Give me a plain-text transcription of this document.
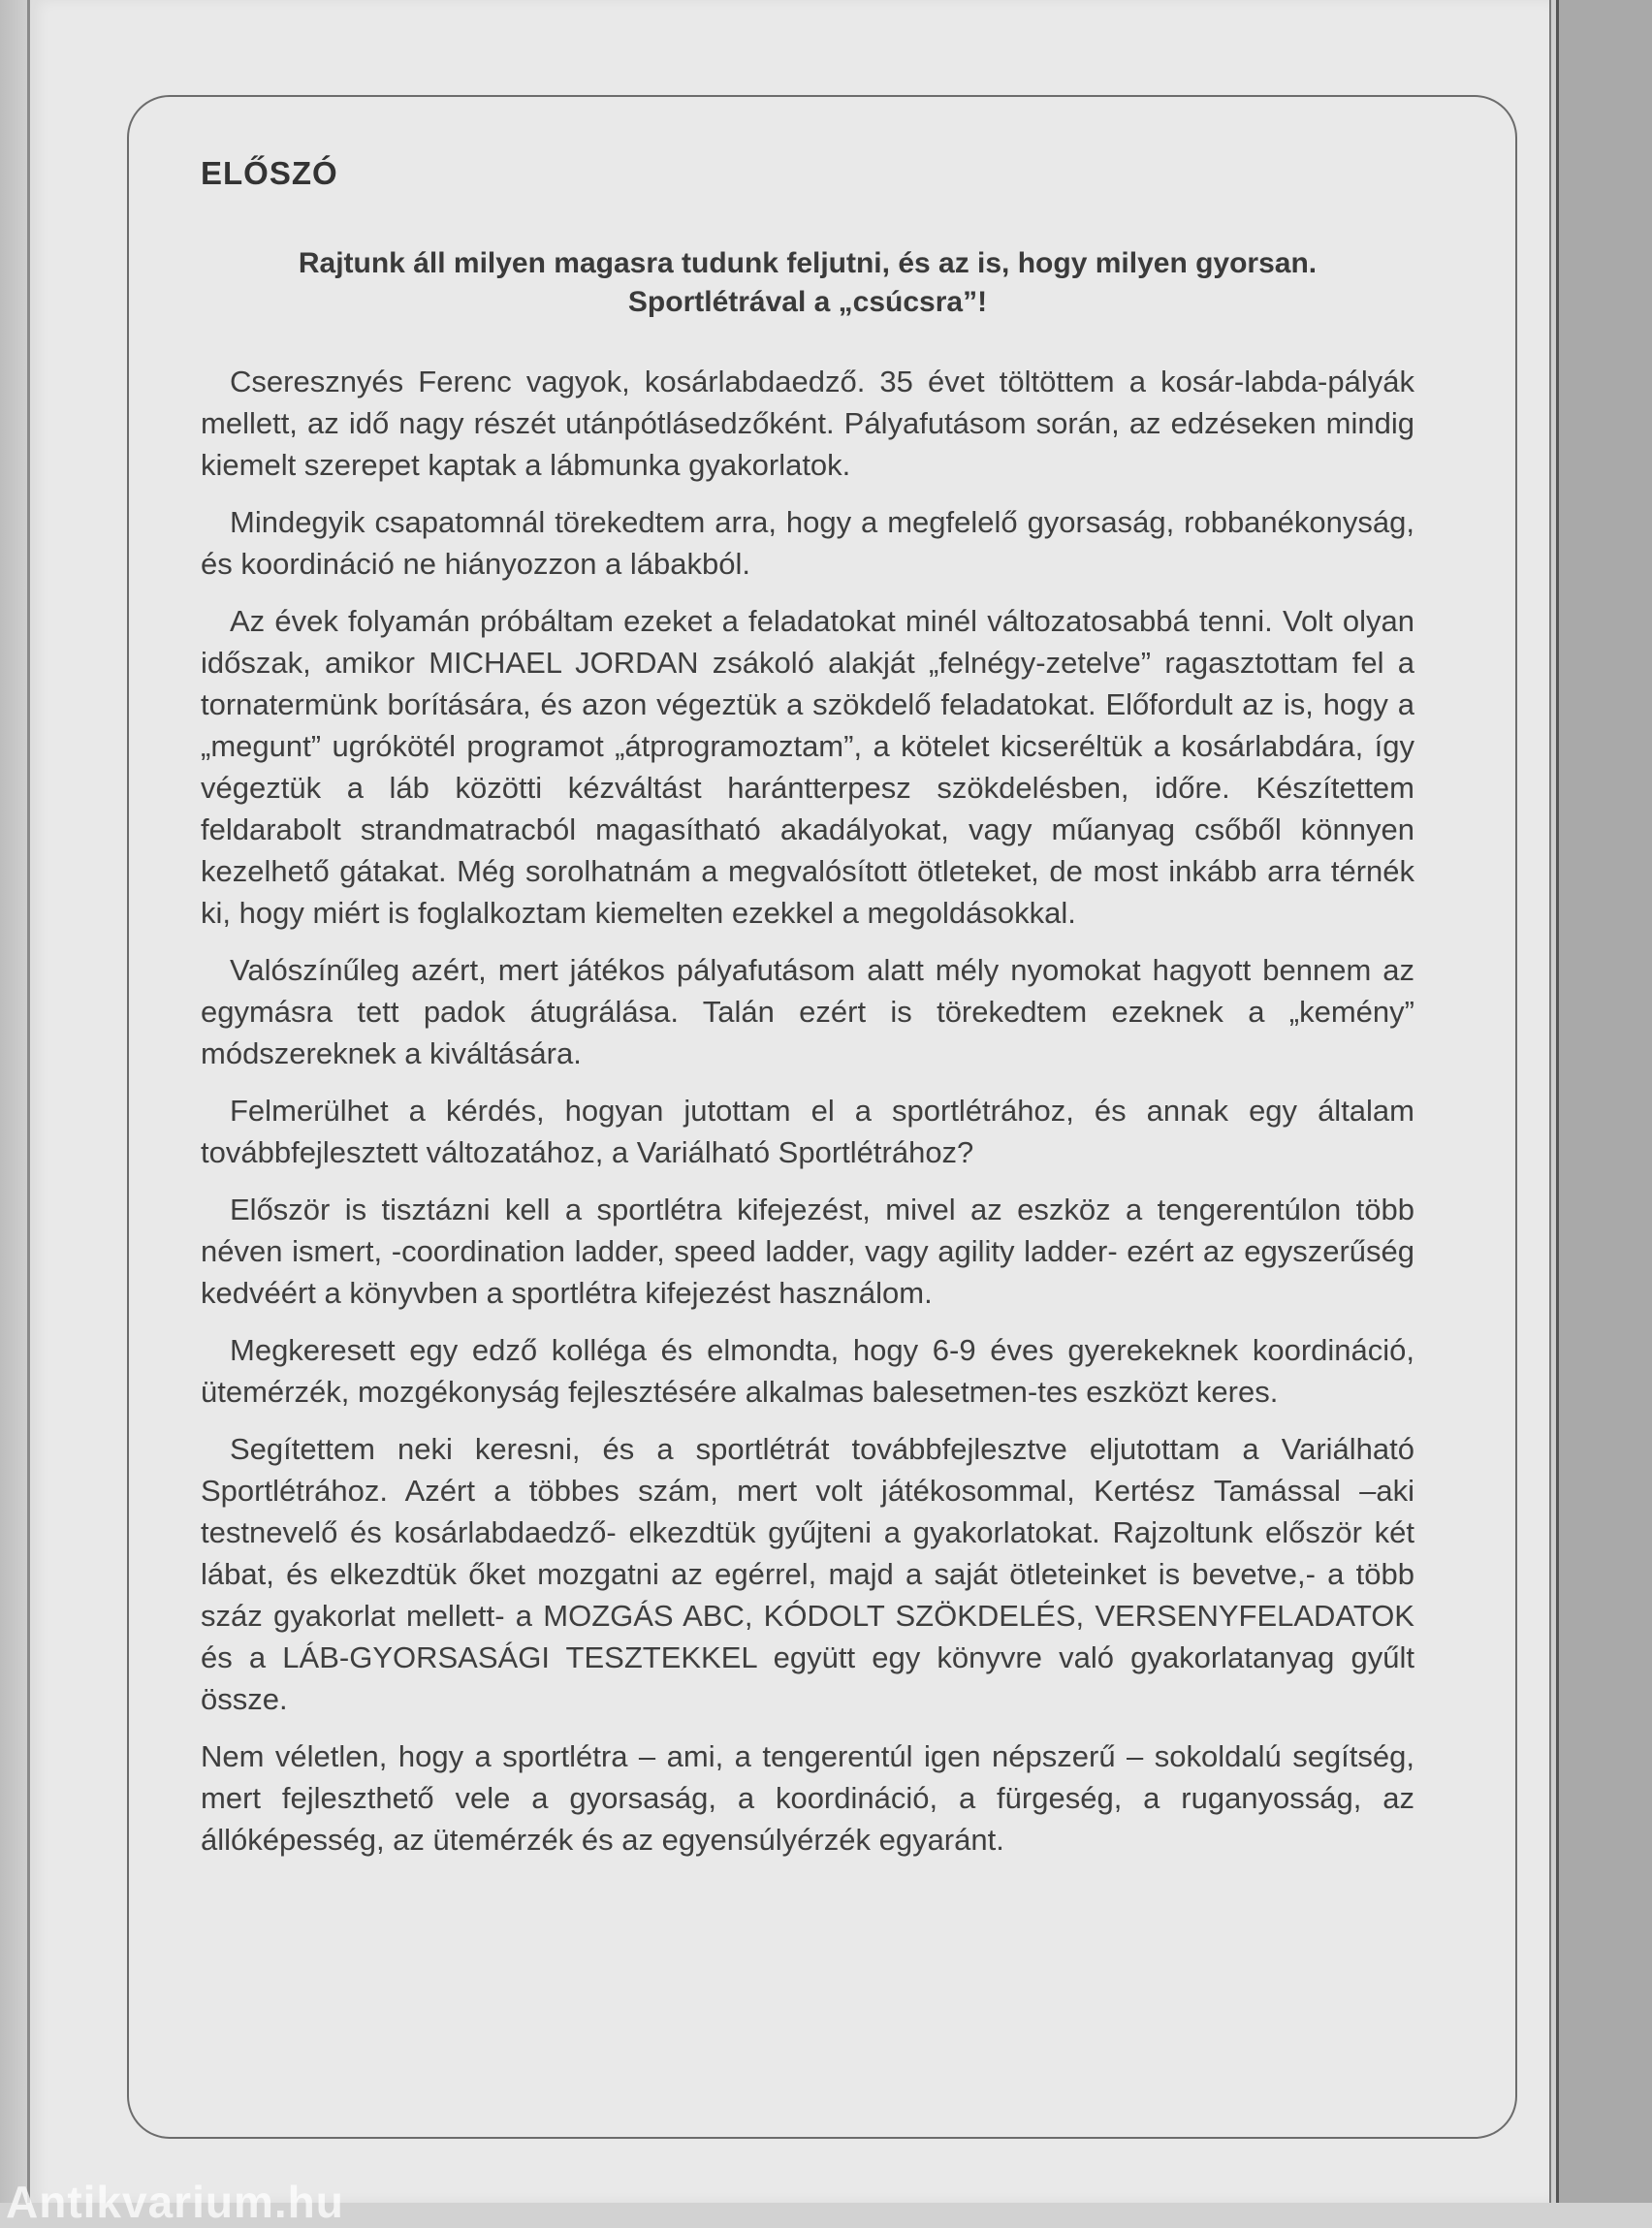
ELŐSZÓ
Rajtunk áll milyen magasra tudunk feljutni, és az is, hogy milyen gyorsan.
Sportlétrával a „csúcsra”!

Cseresznyés Ferenc vagyok, kosárlabdaedző. 35 évet töltöttem a kosár-labda-pályák mellett, az idő nagy részét utánpótlásedzőként. Pályafutásom során, az edzéseken mindig kiemelt szerepet kaptak a lábmunka gyakorlatok.

Mindegyik csapatomnál törekedtem arra, hogy a megfelelő gyorsaság, robbanékonyság, és koordináció ne hiányozzon a lábakból.

Az évek folyamán próbáltam ezeket a feladatokat minél változatosabbá tenni. Volt olyan időszak, amikor MICHAEL JORDAN zsákoló alakját „felnégy-zetelve” ragasztottam fel a tornatermünk borítására, és azon végeztük a szökdelő feladatokat. Előfordult az is, hogy a „megunt” ugrókötél programot „átprogramoztam”, a kötelet kicseréltük a kosárlabdára, így végeztük a láb közötti kézváltást harántterpesz szökdelésben, időre. Készítettem feldarabolt strandmatracból magasítható akadályokat, vagy műanyag csőből könnyen kezelhető gátakat. Még sorolhatnám a megvalósított ötleteket, de most inkább arra térnék ki, hogy miért is foglalkoztam kiemelten ezekkel a megoldásokkal.

Valószínűleg azért, mert játékos pályafutásom alatt mély nyomokat hagyott bennem az egymásra tett padok átugrálása. Talán ezért is törekedtem ezeknek a „kemény” módszereknek a kiváltására.

Felmerülhet a kérdés, hogyan jutottam el a sportlétrához, és annak egy általam továbbfejlesztett változatához, a Variálható Sportlétrához?

Először is tisztázni kell a sportlétra kifejezést, mivel az eszköz a tengerentúlon több néven ismert, -coordination ladder, speed ladder, vagy agility ladder- ezért az egyszerűség kedvéért a könyvben a sportlétra kifejezést használom.

Megkeresett egy edző kolléga és elmondta, hogy 6-9 éves gyerekeknek koordináció, ütemérzék, mozgékonyság fejlesztésére alkalmas balesetmen-tes eszközt keres.

Segítettem neki keresni, és a sportlétrát továbbfejlesztve eljutottam a Variálható Sportlétrához. Azért a többes szám, mert volt játékosommal, Kertész Tamással –aki testnevelő és kosárlabdaedző- elkezdtük gyűjteni a gyakorlatokat. Rajzoltunk először két lábat, és elkezdtük őket mozgatni az egérrel, majd a saját ötleteinket is bevetve,- a több száz gyakorlat mellett- a MOZGÁS ABC, KÓDOLT SZÖKDELÉS, VERSENYFELADATOK és a LÁB-GYORSASÁGI TESZTEKKEL együtt egy könyvre való gyakorlatanyag gyűlt össze.

Nem véletlen, hogy a sportlétra – ami, a tengerentúl igen népszerű – sokoldalú segítség, mert fejleszthető vele a gyorsaság, a koordináció, a fürgeség, a ruganyosság, az állóképesség, az ütemérzék és az egyensúlyérzék egyaránt.

Antikvarium.hu
